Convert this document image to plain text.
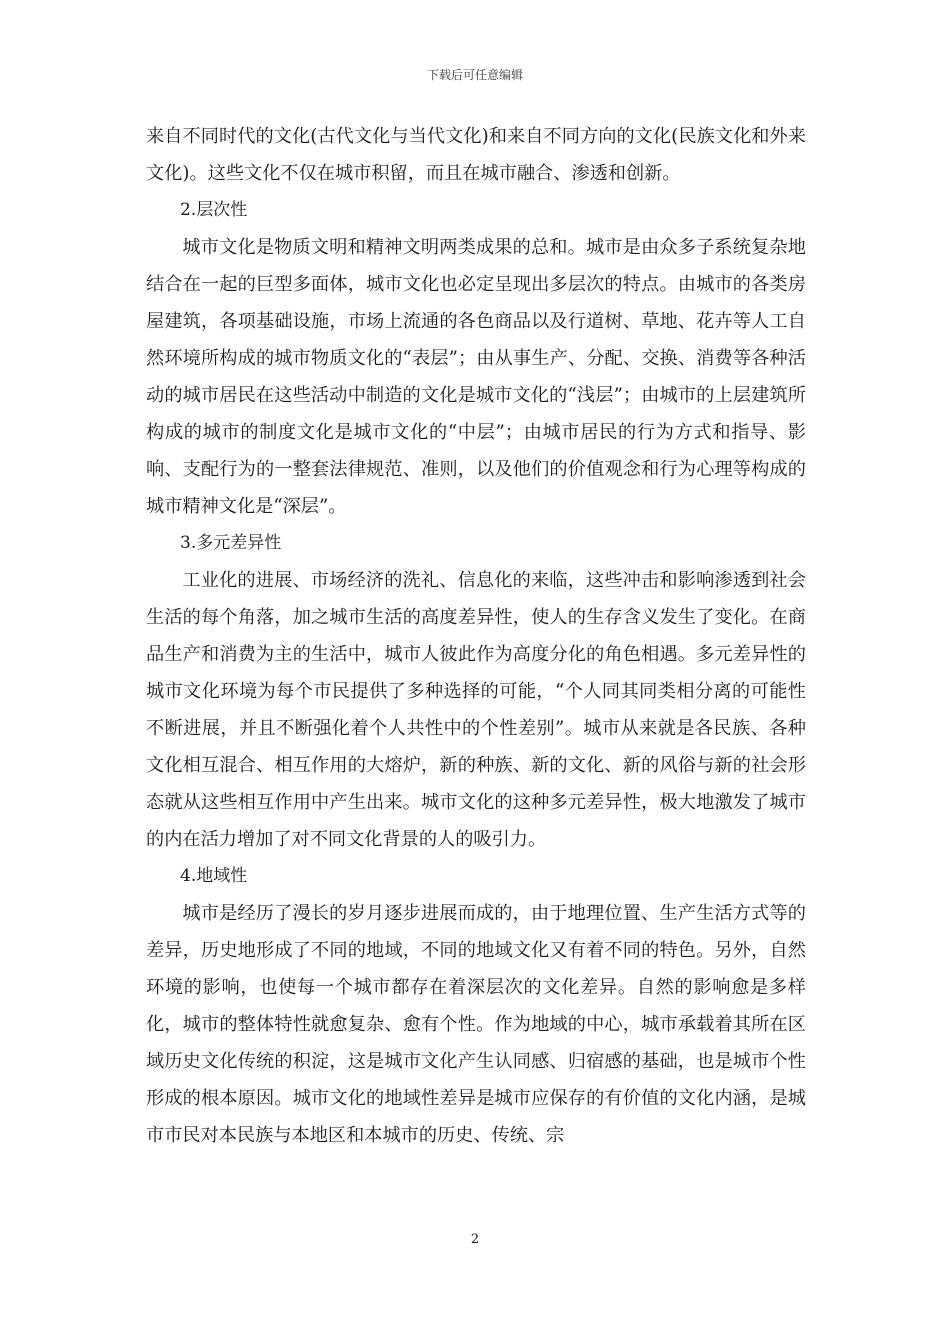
下载后可任意编辑

来自不同时代的文化(古代文化与当代文化)和来自不同方向的文化(民族文化和外来文化)。这些文化不仅在城市积留，而且在城市融合、渗透和创新。

2.层次性

城市文化是物质文明和精神文明两类成果的总和。城市是由众多子系统复杂地结合在一起的巨型多面体，城市文化也必定呈现出多层次的特点。由城市的各类房屋建筑，各项基础设施，市场上流通的各色商品以及行道树、草地、花卉等人工自然环境所构成的城市物质文化的“表层”；由从事生产、分配、交换、消费等各种活动的城市居民在这些活动中制造的文化是城市文化的“浅层”；由城市的上层建筑所构成的城市的制度文化是城市文化的“中层”；由城市居民的行为方式和指导、影响、支配行为的一整套法律规范、准则，以及他们的价值观念和行为心理等构成的城市精神文化是“深层”。

3.多元差异性

工业化的进展、市场经济的洗礼、信息化的来临，这些冲击和影响渗透到社会生活的每个角落，加之城市生活的高度差异性，使人的生存含义发生了变化。在商品生产和消费为主的生活中，城市人彼此作为高度分化的角色相遇。多元差异性的城市文化环境为每个市民提供了多种选择的可能，“个人同其同类相分离的可能性不断进展，并且不断强化着个人共性中的个性差别”。城市从来就是各民族、各种文化相互混合、相互作用的大熔炉，新的种族、新的文化、新的风俗与新的社会形态就从这些相互作用中产生出来。城市文化的这种多元差异性，极大地激发了城市的内在活力增加了对不同文化背景的人的吸引力。

4.地域性

城市是经历了漫长的岁月逐步进展而成的，由于地理位置、生产生活方式等的差异，历史地形成了不同的地域，不同的地域文化又有着不同的特色。另外，自然环境的影响，也使每一个城市都存在着深层次的文化差异。自然的影响愈是多样化，城市的整体特性就愈复杂、愈有个性。作为地域的中心，城市承载着其所在区域历史文化传统的积淀，这是城市文化产生认同感、归宿感的基础，也是城市个性形成的根本原因。城市文化的地域性差异是城市应保存的有价值的文化内涵，是城市市民对本民族与本地区和本城市的历史、传统、宗

2
